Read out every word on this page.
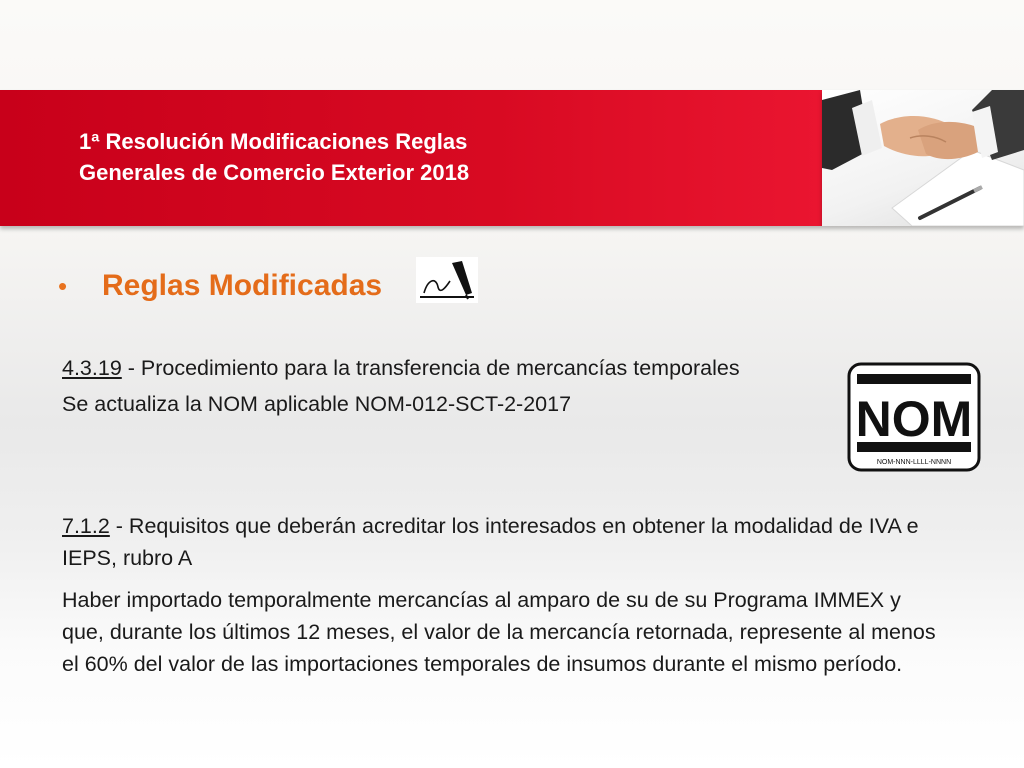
1ª Resolución Modificaciones Reglas
Generales de Comercio Exterior 2018
•	Reglas Modificadas

4.3.19 - Procedimiento para la transferencia de mercancías temporales

Se actualiza la NOM aplicable NOM-012-SCT-2-2017

7.1.2 - Requisitos que deberán acreditar los interesados en obtener la modalidad de IVA e IEPS, rubro A

Haber importado temporalmente mercancías al amparo de su de su Programa IMMEX y que, durante los últimos 12 meses, el valor de la mercancía retornada, represente al menos el 60% del valor de las importaciones temporales de insumos durante el mismo período.

NOM
NOM-NNN-LLLL-NNNN
